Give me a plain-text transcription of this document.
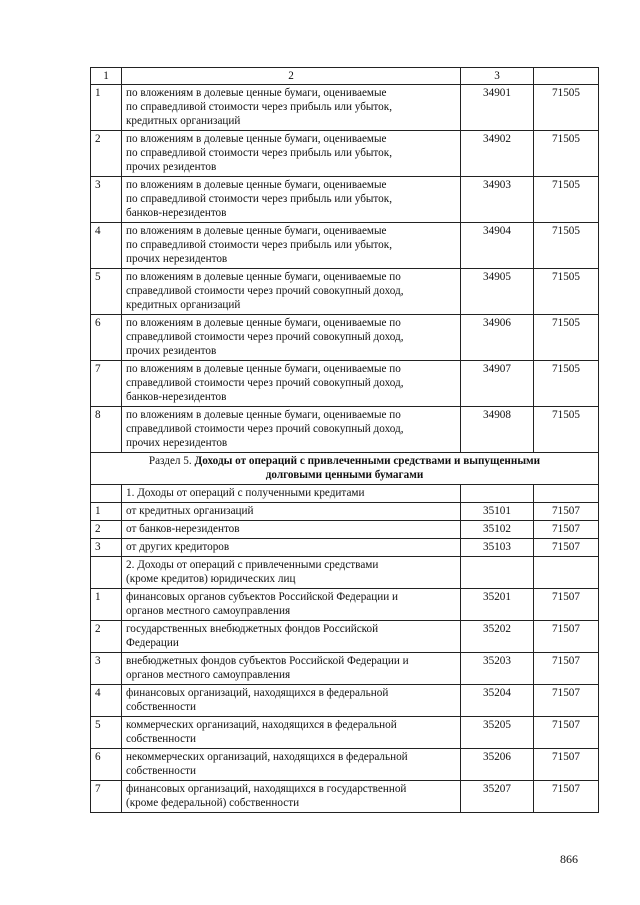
1	2	3	
1	по вложениям в долевые ценные бумаги, оцениваемые
по справедливой стоимости через прибыль или убыток,
кредитных организаций	34901	71505
2	по вложениям в долевые ценные бумаги, оцениваемые
по справедливой стоимости через прибыль или убыток,
прочих резидентов	34902	71505
3	по вложениям в долевые ценные бумаги, оцениваемые
по справедливой стоимости через прибыль или убыток,
банков-нерезидентов	34903	71505
4	по вложениям в долевые ценные бумаги, оцениваемые
по справедливой стоимости через прибыль или убыток,
прочих нерезидентов	34904	71505
5	по вложениям в долевые ценные бумаги, оцениваемые по
справедливой стоимости через прочий совокупный доход,
кредитных организаций	34905	71505
6	по вложениям в долевые ценные бумаги, оцениваемые по
справедливой стоимости через прочий совокупный доход,
прочих резидентов	34906	71505
7	по вложениям в долевые ценные бумаги, оцениваемые по
справедливой стоимости через прочий совокупный доход,
банков-нерезидентов	34907	71505
8	по вложениям в долевые ценные бумаги, оцениваемые по
справедливой стоимости через прочий совокупный доход,
прочих нерезидентов	34908	71505
Раздел 5. Доходы от операций с привлеченными средствами и выпущенными
долговыми ценными бумагами			
	1. Доходы от операций с полученными кредитами		
1	от кредитных организаций	35101	71507
2	от банков-нерезидентов	35102	71507
3	от других кредиторов	35103	71507
	2. Доходы от операций с привлеченными средствами
(кроме кредитов) юридических лиц		
1	финансовых органов субъектов Российской Федерации и
органов местного самоуправления	35201	71507
2	государственных внебюджетных фондов Российской
Федерации	35202	71507
3	внебюджетных фондов субъектов Российской Федерации и
органов местного самоуправления	35203	71507
4	финансовых организаций, находящихся в федеральной
собственности	35204	71507
5	коммерческих организаций, находящихся в федеральной
собственности	35205	71507
6	некоммерческих организаций, находящихся в федеральной
собственности	35206	71507
7	финансовых организаций, находящихся в государственной
(кроме федеральной) собственности	35207	71507
866
